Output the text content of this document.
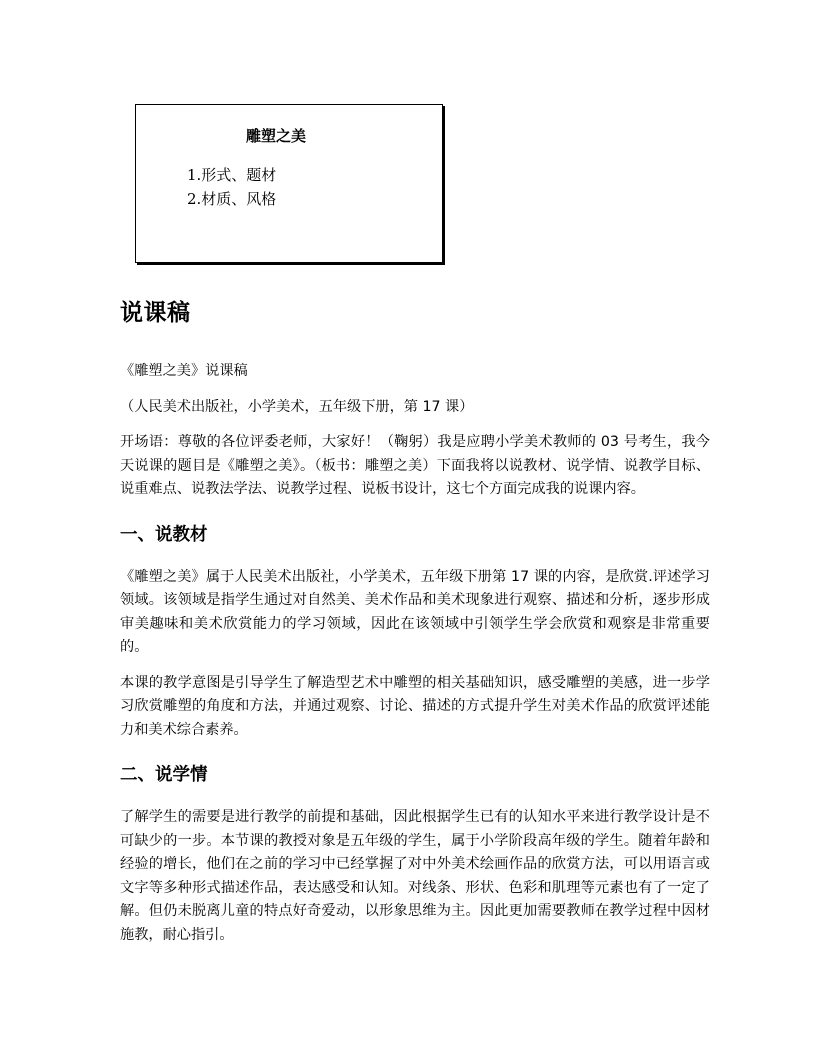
雕塑之美
1.形式、题材
2.材质、风格
说课稿

《雕塑之美》说课稿

（人民美术出版社，小学美术，五年级下册，第 17 课）

开场语：尊敬的各位评委老师，大家好！（鞠躬）我是应聘小学美术教师的 03 号考生，我今天说课的题目是《雕塑之美》。（板书：雕塑之美）下面我将以说教材、说学情、说教学目标、说重难点、说教法学法、说教学过程、说板书设计，这七个方面完成我的说课内容。

一、说教材

《雕塑之美》属于人民美术出版社，小学美术，五年级下册第 17 课的内容，是欣赏.评述学习领域。该领域是指学生通过对自然美、美术作品和美术现象进行观察、描述和分析，逐步形成审美趣味和美术欣赏能力的学习领域，因此在该领域中引领学生学会欣赏和观察是非常重要的。

本课的教学意图是引导学生了解造型艺术中雕塑的相关基础知识，感受雕塑的美感，进一步学习欣赏雕塑的角度和方法，并通过观察、讨论、描述的方式提升学生对美术作品的欣赏评述能力和美术综合素养。

二、说学情

了解学生的需要是进行教学的前提和基础，因此根据学生已有的认知水平来进行教学设计是不可缺少的一步。本节课的教授对象是五年级的学生，属于小学阶段高年级的学生。随着年龄和经验的增长，他们在之前的学习中已经掌握了对中外美术绘画作品的欣赏方法，可以用语言或文字等多种形式描述作品，表达感受和认知。对线条、形状、色彩和肌理等元素也有了一定了解。但仍未脱离儿童的特点好奇爱动，以形象思维为主。因此更加需要教师在教学过程中因材施教，耐心指引。
